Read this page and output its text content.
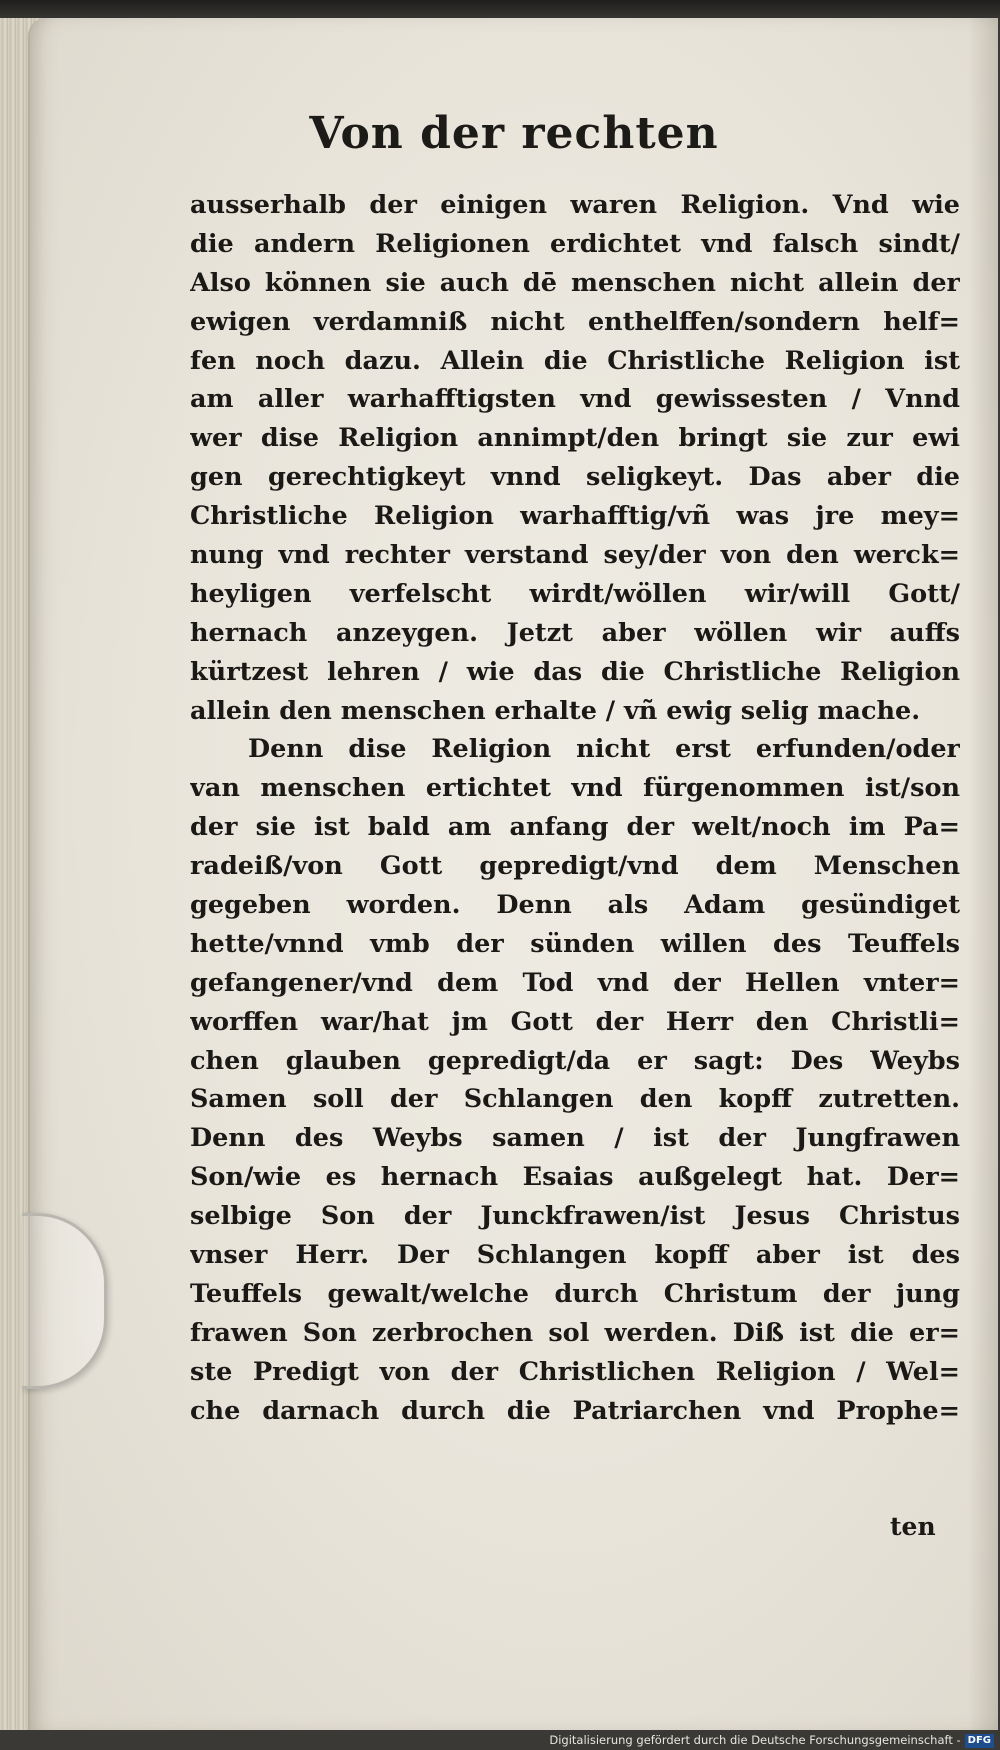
Von der rechten
ausserhalb der einigen waren Religion. Vnd wie
die andern Religionen erdichtet vnd falsch sindt/
Also können sie auch dē menschen nicht allein der
ewigen verdamniß nicht enthelffen/sondern helf=
fen noch dazu. Allein die Christliche Religion ist
am aller warhafftigsten vnd gewissesten / Vnnd
wer dise Religion annimpt/den bringt sie zur ewi
gen gerechtigkeyt vnnd seligkeyt. Das aber die
Christliche Religion warhafftig/vñ was jre mey=
nung vnd rechter verstand sey/der von den werck=
heyligen verfelscht wirdt/wöllen wir/will Gott/
hernach anzeygen. Jetzt aber wöllen wir auffs
kürtzest lehren / wie das die Christliche Religion
allein den menschen erhalte / vñ ewig selig mache.
Denn dise Religion nicht erst erfunden/oder
van menschen ertichtet vnd fürgenommen ist/son
der sie ist bald am anfang der welt/noch im Pa=
radeiß/von Gott gepredigt/vnd dem Menschen
gegeben worden. Denn als Adam gesündiget
hette/vnnd vmb der sünden willen des Teuffels
gefangener/vnd dem Tod vnd der Hellen vnter=
worffen war/hat jm Gott der Herr den Christli=
chen glauben gepredigt/da er sagt: Des Weybs
Samen soll der Schlangen den kopff zutretten.
Denn des Weybs samen / ist der Jungfrawen
Son/wie es hernach Esaias außgelegt hat. Der=
selbige Son der Junckfrawen/ist Jesus Christus
vnser Herr. Der Schlangen kopff aber ist des
Teuffels gewalt/welche durch Christum der jung
frawen Son zerbrochen sol werden. Diß ist die er=
ste Predigt von der Christlichen Religion / Wel=
che darnach durch die Patriarchen vnd Prophe=
ten
Digitalisierung gefördert durch die Deutsche Forschungsgemeinschaft - DFG
